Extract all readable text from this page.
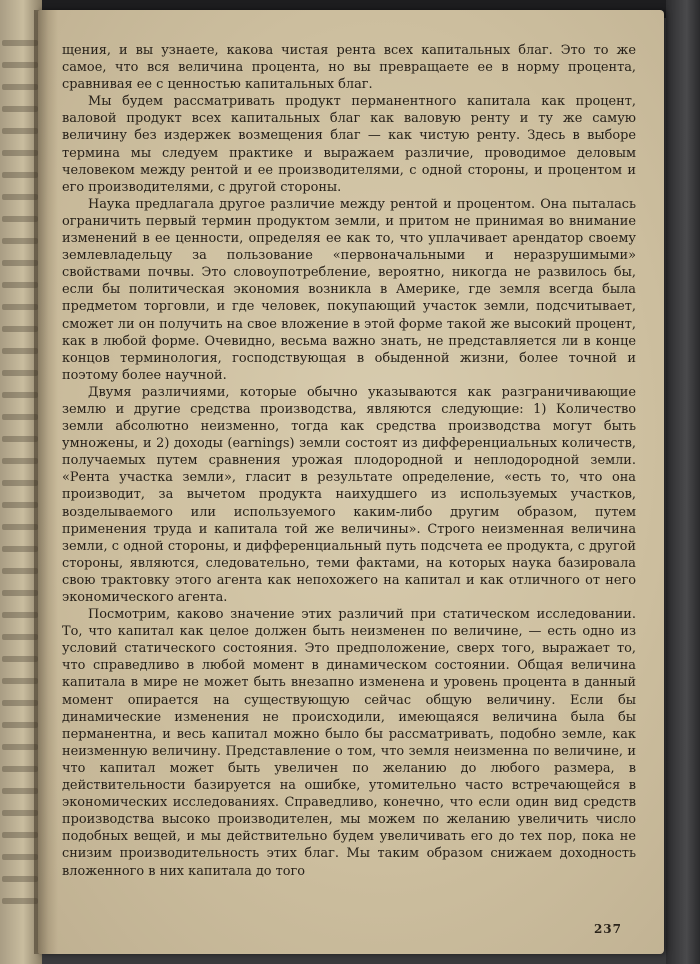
щения, и вы узнаете, какова чистая рента всех капитальных благ. Это то же самое, что вся величина процента, но вы превращаете ее в норму процента, сравнивая ее с ценностью капитальных благ.

Мы будем рассматривать продукт перманентного капитала как процент, валовой продукт всех капитальных благ как валовую ренту и ту же самую величину без издержек возмещения благ — как чистую ренту. Здесь в выборе термина мы следуем практике и выражаем различие, проводимое деловым человеком между рентой и ее производителями, с одной стороны, и процентом и его производителями, с другой стороны.

Наука предлагала другое различие между рентой и процентом. Она пыталась ограничить первый термин продуктом земли, и притом не принимая во внимание изменений в ее ценности, определяя ее как то, что уплачивает арендатор своему землевладельцу за пользование «первоначальными и неразрушимыми» свойствами почвы. Это словоупотребление, вероятно, никогда не развилось бы, если бы политическая экономия возникла в Америке, где земля всегда была предметом торговли, и где человек, покупающий участок земли, подсчитывает, сможет ли он получить на свое вложение в этой форме такой же высокий процент, как в любой форме. Очевидно, весьма важно знать, не представляется ли в конце концов терминология, господствующая в обыденной жизни, более точной и поэтому более научной.

Двумя различиями, которые обычно указываются как разграничивающие землю и другие средства производства, являются следующие: 1) Количество земли абсолютно неизменно, тогда как средства производства могут быть умножены, и 2) доходы (earnings) земли состоят из дифференциальных количеств, получаемых путем сравнения урожая плодородной и неплодородной земли. «Рента участка земли», гласит в результате определение, «есть то, что она производит, за вычетом продукта наихудшего из используемых участков, возделываемого или используемого каким-либо другим образом, путем применения труда и капитала той же величины». Строго неизменная величина земли, с одной стороны, и дифференциальный путь подсчета ее продукта, с другой стороны, являются, следовательно, теми фактами, на которых наука базировала свою трактовку этого агента как непохожего на капитал и как отличного от него экономического агента.

Посмотрим, каково значение этих различий при статическом исследовании. То, что капитал как целое должен быть неизменен по величине, — есть одно из условий статического состояния. Это предположение, сверх того, выражает то, что справедливо в любой момент в динамическом состоянии. Общая величина капитала в мире не может быть внезапно изменена и уровень процента в данный момент опирается на существующую сейчас общую величину. Если бы динамические изменения не происходили, имеющаяся величина была бы перманентна, и весь капитал можно было бы рассматривать, подобно земле, как неизменную величину. Представление о том, что земля неизменна по величине, и что капитал может быть увеличен по желанию до любого размера, в действительности базируется на ошибке, утомительно часто встречающейся в экономических исследованиях. Справедливо, конечно, что если один вид средств производства высоко производителен, мы можем по желанию увеличить число подобных вещей, и мы действительно будем увеличивать его до тех пор, пока не снизим производительность этих благ. Мы таким образом снижаем доходность вложенного в них капитала до того

237
